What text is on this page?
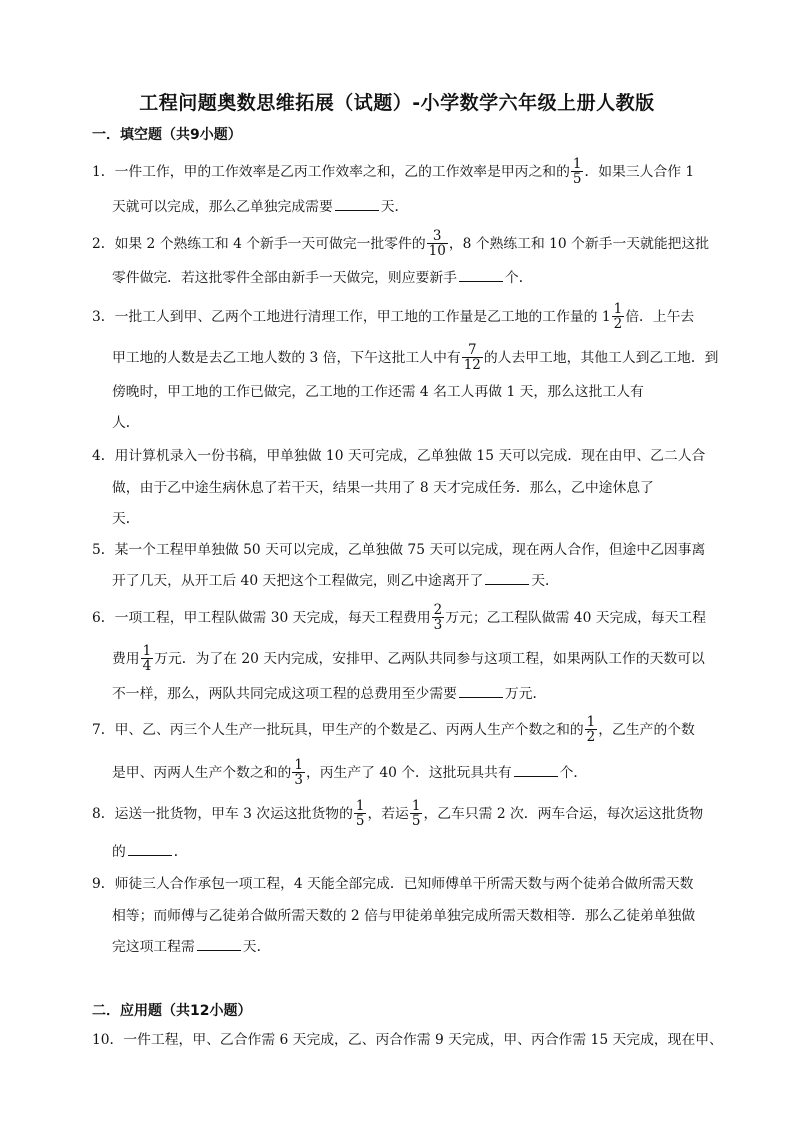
工程问题奥数思维拓展（试题）-小学数学六年级上册人教版
一．填空题（共9小题）
1．一件工作，甲的工作效率是乙丙工作效率之和，乙的工作效率是甲丙之和的 $\frac{1}{5}$ ．如果三人合作 1
天就可以完成，那么乙单独完成需要	天．
2．如果 2 个熟练工和 4 个新手一天可做完一批零件的 $\frac{3}{10}$ ，8 个熟练工和 10 个新手一天就能把这批
零件做完．若这批零件全部由新手一天做完，则应要新手	个．
3．一批工人到甲、乙两个工地进行清理工作，甲工地的工作量是乙工地的工作量的 $1 \frac{1}{2}$ 倍．上午去
甲工地的人数是去乙工地人数的 3 倍，下午这批工人中有 $\frac{7}{12}$ 的人去甲工地，其他工人到乙工地．到
傍晚时，甲工地的工作已做完，乙工地的工作还需 4 名工人再做 1 天，那么这批工人有
人．
4．用计算机录入一份书稿，甲单独做 10 天可完成，乙单独做 15 天可以完成．现在由甲、乙二人合
做，由于乙中途生病休息了若干天，结果一共用了 8 天才完成任务．那么，乙中途休息了
天．
5．某一个工程甲单独做 50 天可以完成，乙单独做 75 天可以完成，现在两人合作，但途中乙因事离
开了几天，从开工后 40 天把这个工程做完，则乙中途离开了	天．
6．一项工程，甲工程队做需 30 天完成，每天工程费用 $\frac{2}{3}$ 万元；乙工程队做需 40 天完成，每天工程
费用 $\frac{1}{4}$ 万元．为了在 20 天内完成，安排甲、乙两队共同参与这项工程，如果两队工作的天数可以
不一样，那么，两队共同完成这项工程的总费用至少需要	万元．
7．甲、乙、丙三个人生产一批玩具，甲生产的个数是乙、丙两人生产个数之和的 $\frac{1}{2}$ ，乙生产的个数
是甲、丙两人生产个数之和的 $\frac{1}{3}$ ，丙生产了 40 个．这批玩具共有	个．
8．运送一批货物，甲车 3 次运这批货物的 $\frac{1}{5}$ ，若运 $\frac{1}{5}$ ，乙车只需 2 次．两车合运，每次运这批货物
的	．
9．师徒三人合作承包一项工程，4 天能全部完成．已知师傅单干所需天数与两个徒弟合做所需天数
相等；而师傅与乙徒弟合做所需天数的 2 倍与甲徒弟单独完成所需天数相等．那么乙徒弟单独做
完这项工程需	天．
二．应用题（共12小题）
10．一件工程，甲、乙合作需 6 天完成，乙、丙合作需 9 天完成，甲、丙合作需 15 天完成，现在甲、
